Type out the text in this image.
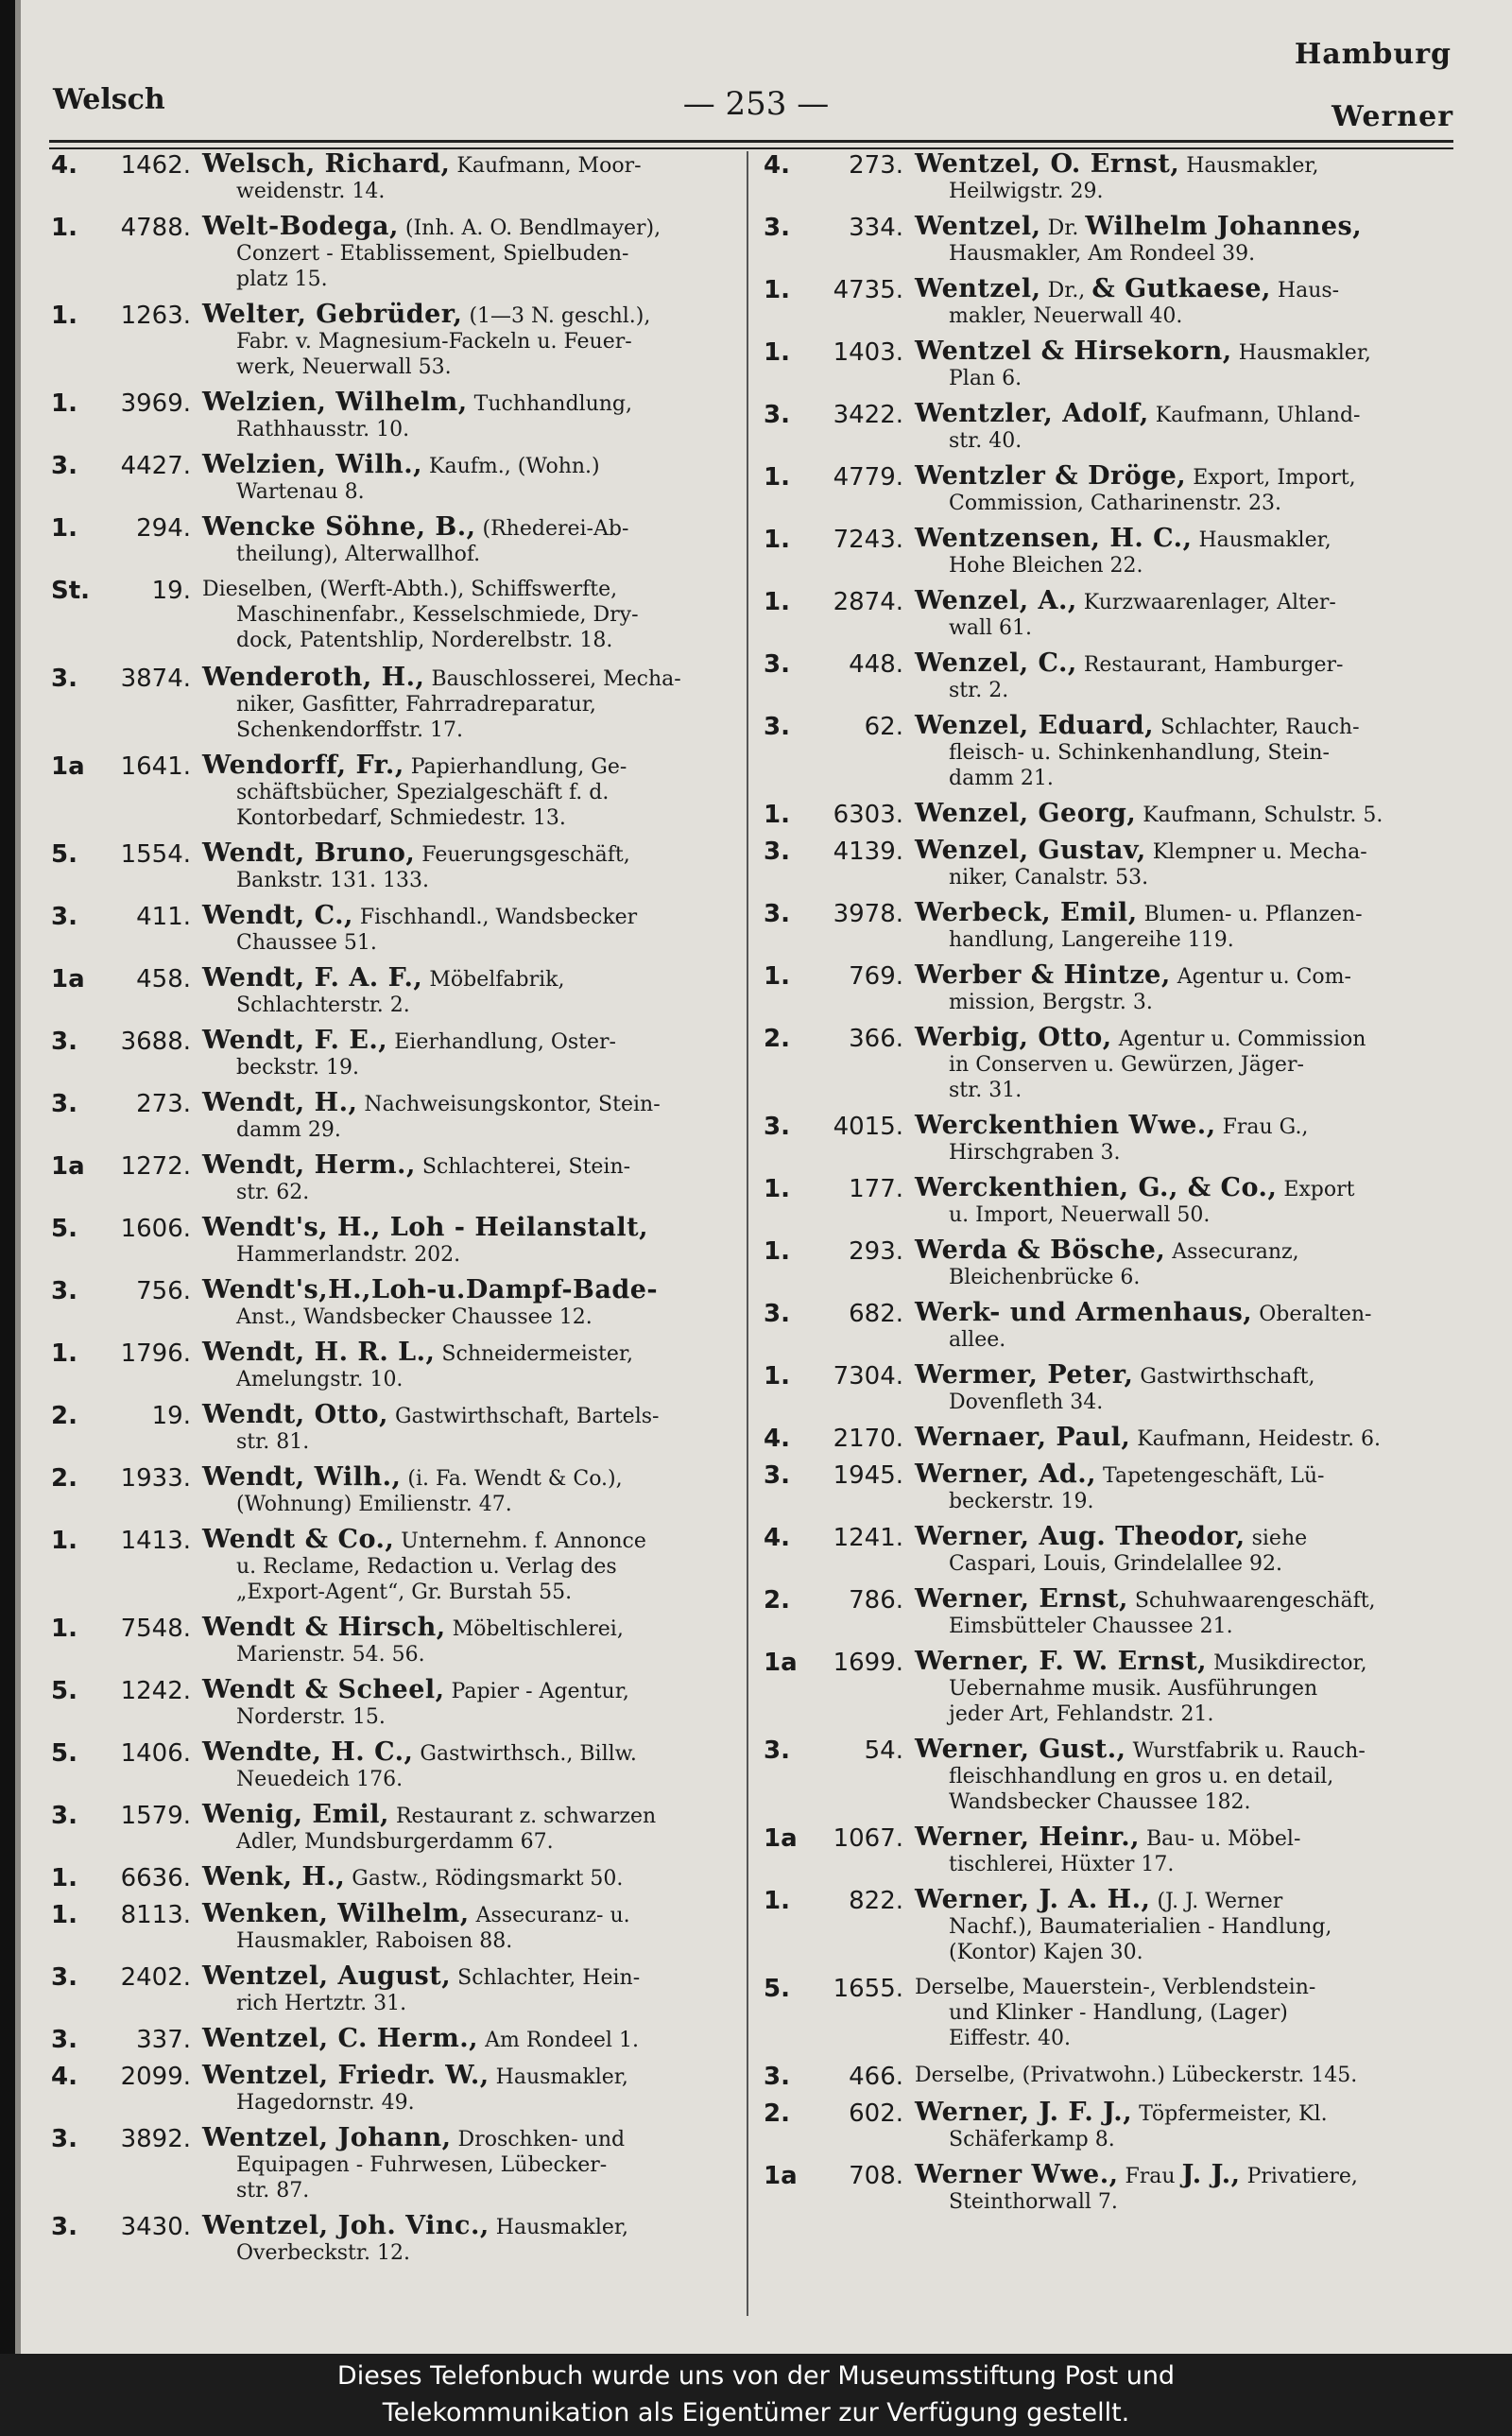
Hamburg
Welsch	— 253 —	Werner
4.	1462. Welsch, Richard, Kaufmann, Moor-
weidenstr. 14.
1.	4788. Welt-Bodega, (Inh. A. O. Bendlmayer),
Conzert - Etablissement, Spielbuden-
platz 15.
1.	1263. Welter, Gebrüder, (1—3 N. geschl.),
Fabr. v. Magnesium-Fackeln u. Feuer-
werk, Neuerwall 53.
1.	3969. Welzien, Wilhelm, Tuchhandlung,
Rathhausstr. 10.
3.	4427. Welzien, Wilh., Kaufm., (Wohn.)
Wartenau 8.
1.	294. Wencke Söhne, B., (Rhederei-Ab-
theilung), Alterwallhof.
St.	19. Dieselben, (Werft-Abth.), Schiffswerfte,
Maschinenfabr., Kesselschmiede, Dry-
dock, Patentshlip, Norderelbstr. 18.
3.	3874. Wenderoth, H., Bauschlosserei, Mecha-
niker, Gasfitter, Fahrradreparatur,
Schenkendorffstr. 17.
1a	1641. Wendorff, Fr., Papierhandlung, Ge-
schäftsbücher, Spezialgeschäft f. d.
Kontorbedarf, Schmiedestr. 13.
5.	1554. Wendt, Bruno, Feuerungsgeschäft,
Bankstr. 131. 133.
3.	411. Wendt, C., Fischhandl., Wandsbecker
Chaussee 51.
1a	458. Wendt, F. A. F., Möbelfabrik,
Schlachterstr. 2.
3.	3688. Wendt, F. E., Eierhandlung, Oster-
beckstr. 19.
3.	273. Wendt, H., Nachweisungskontor, Stein-
damm 29.
1a	1272. Wendt, Herm., Schlachterei, Stein-
str. 62.
5.	1606. Wendt's, H., Loh - Heilanstalt,
Hammerlandstr. 202.
3.	756. Wendt's,H.,Loh-u.Dampf-Bade-
Anst., Wandsbecker Chaussee 12.
1.	1796. Wendt, H. R. L., Schneidermeister,
Amelungstr. 10.
2.	19. Wendt, Otto, Gastwirthschaft, Bartels-
str. 81.
2.	1933. Wendt, Wilh., (i. Fa. Wendt & Co.),
(Wohnung) Emilienstr. 47.
1.	1413. Wendt & Co., Unternehm. f. Annonce
u. Reclame, Redaction u. Verlag des
„Export-Agent“, Gr. Burstah 55.
1.	7548. Wendt & Hirsch, Möbeltischlerei,
Marienstr. 54. 56.
5.	1242. Wendt & Scheel, Papier - Agentur,
Norderstr. 15.
5.	1406. Wendte, H. C., Gastwirthsch., Billw.
Neuedeich 176.
3.	1579. Wenig, Emil, Restaurant z. schwarzen
Adler, Mundsburgerdamm 67.
1.	6636. Wenk, H., Gastw., Rödingsmarkt 50.
1.	8113. Wenken, Wilhelm, Assecuranz- u.
Hausmakler, Raboisen 88.
3.	2402. Wentzel, August, Schlachter, Hein-
rich Hertztr. 31.
3.	337. Wentzel, C. Herm., Am Rondeel 1.
4.	2099. Wentzel, Friedr. W., Hausmakler,
Hagedornstr. 49.
3.	3892. Wentzel, Johann, Droschken- und
Equipagen - Fuhrwesen, Lübecker-
str. 87.
3.	3430. Wentzel, Joh. Vinc., Hausmakler,
Overbeckstr. 12.
4.	273. Wentzel, O. Ernst, Hausmakler,
Heilwigstr. 29.
3.	334. Wentzel, Dr. Wilhelm Johannes,
Hausmakler, Am Rondeel 39.
1.	4735. Wentzel, Dr., & Gutkaese, Haus-
makler, Neuerwall 40.
1.	1403. Wentzel & Hirsekorn, Hausmakler,
Plan 6.
3.	3422. Wentzler, Adolf, Kaufmann, Uhland-
str. 40.
1.	4779. Wentzler & Dröge, Export, Import,
Commission, Catharinenstr. 23.
1.	7243. Wentzensen, H. C., Hausmakler,
Hohe Bleichen 22.
1.	2874. Wenzel, A., Kurzwaarenlager, Alter-
wall 61.
3.	448. Wenzel, C., Restaurant, Hamburger-
str. 2.
3.	62. Wenzel, Eduard, Schlachter, Rauch-
fleisch- u. Schinkenhandlung, Stein-
damm 21.
1.	6303. Wenzel, Georg, Kaufmann, Schulstr. 5.
3.	4139. Wenzel, Gustav, Klempner u. Mecha-
niker, Canalstr. 53.
3.	3978. Werbeck, Emil, Blumen- u. Pflanzen-
handlung, Langereihe 119.
1.	769. Werber & Hintze, Agentur u. Com-
mission, Bergstr. 3.
2.	366. Werbig, Otto, Agentur u. Commission
in Conserven u. Gewürzen, Jäger-
str. 31.
3.	4015. Werckenthien Wwe., Frau G.,
Hirschgraben 3.
1.	177. Werckenthien, G., & Co., Export
u. Import, Neuerwall 50.
1.	293. Werda & Bösche, Assecuranz,
Bleichenbrücke 6.
3.	682. Werk- und Armenhaus, Oberalten-
allee.
1.	7304. Wermer, Peter, Gastwirthschaft,
Dovenfleth 34.
4.	2170. Wernaer, Paul, Kaufmann, Heidestr. 6.
3.	1945. Werner, Ad., Tapetengeschäft, Lü-
beckerstr. 19.
4.	1241. Werner, Aug. Theodor, siehe
Caspari, Louis, Grindelallee 92.
2.	786. Werner, Ernst, Schuhwaarengeschäft,
Eimsbütteler Chaussee 21.
1a	1699. Werner, F. W. Ernst, Musikdirector,
Uebernahme musik. Ausführungen
jeder Art, Fehlandstr. 21.
3.	54. Werner, Gust., Wurstfabrik u. Rauch-
fleischhandlung en gros u. en detail,
Wandsbecker Chaussee 182.
1a	1067. Werner, Heinr., Bau- u. Möbel-
tischlerei, Hüxter 17.
1.	822. Werner, J. A. H., (J. J. Werner
Nachf.), Baumaterialien - Handlung,
(Kontor) Kajen 30.
5.	1655. Derselbe, Mauerstein-, Verblendstein-
und Klinker - Handlung, (Lager)
Eiffestr. 40.
3.	466. Derselbe, (Privatwohn.) Lübeckerstr. 145.
2.	602. Werner, J. F. J., Töpfermeister, Kl.
Schäferkamp 8.
1a	708. Werner Wwe., Frau J. J., Privatiere,
Steinthorwall 7.
Dieses Telefonbuch wurde uns von der Museumsstiftung Post und
Telekommunikation als Eigentümer zur Verfügung gestellt.
